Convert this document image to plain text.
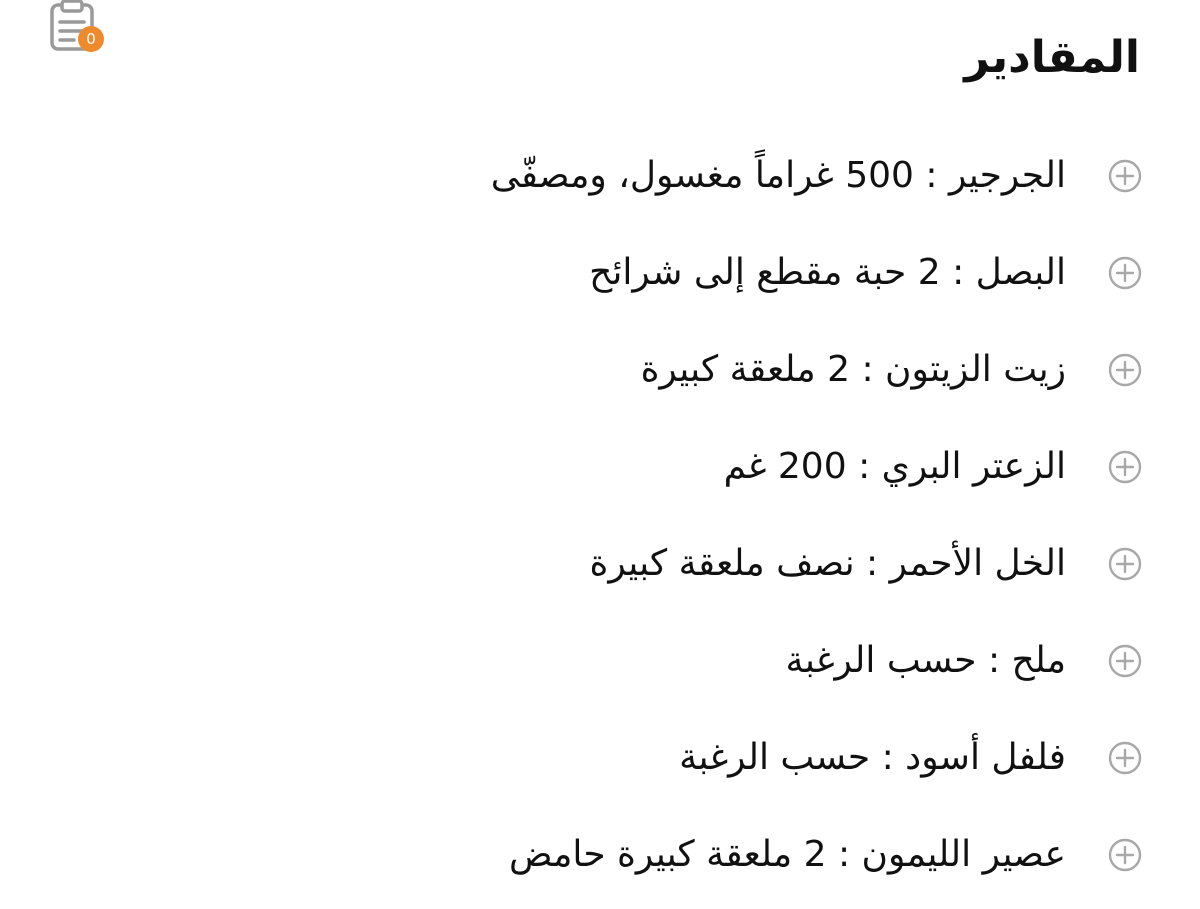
0	المقادير
الجرجير : 500 غراماً مغسول، ومصفّى
البصل : 2 حبة مقطع إلى شرائح
زيت الزيتون : 2 ملعقة كبيرة
الزعتر البري : 200 غم
الخل الأحمر : نصف ملعقة كبيرة
ملح : حسب الرغبة
فلفل أسود : حسب الرغبة
عصير الليمون : 2 ملعقة كبيرة حامض
